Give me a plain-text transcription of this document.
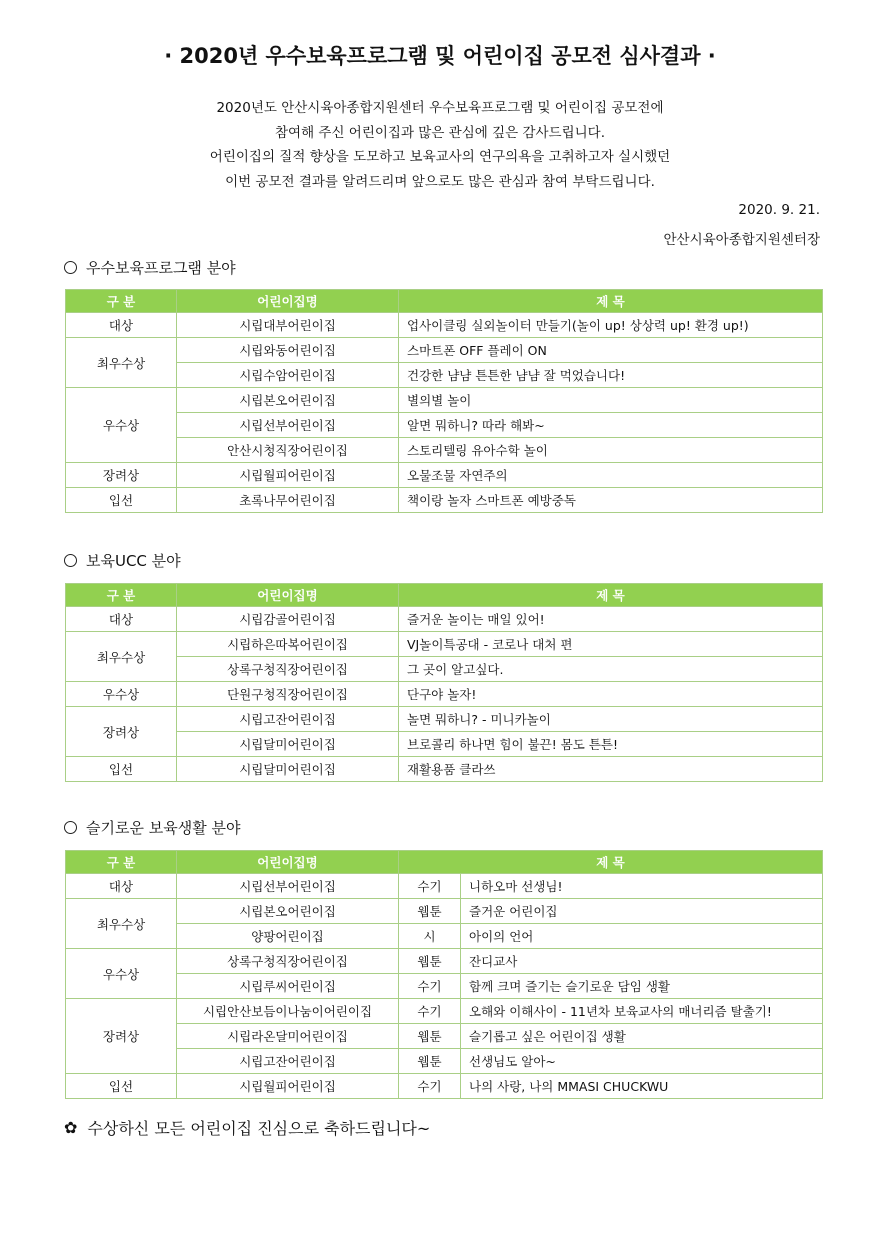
· 2020년 우수보육프로그램 및 어린이집 공모전 심사결과 ·
2020년도 안산시육아종합지원센터 우수보육프로그램 및 어린이집 공모전에
참여해 주신 어린이집과 많은 관심에 깊은 감사드립니다.
어린이집의 질적 향상을 도모하고 보육교사의 연구의욕을 고취하고자 실시했던
이번 공모전 결과를 알려드리며 앞으로도 많은 관심과 참여 부탁드립니다.
2020. 9. 21.
안산시육아종합지원센터장
우수보육프로그램 분야
구 분	어린이집명	제 목
대상	시립대부어린이집	업사이클링 실외놀이터 만들기(놀이 up! 상상력 up! 환경 up!)
최우수상	시립와동어린이집	스마트폰 OFF 플레이 ON
	시립수암어린이집	건강한 냠냠 튼튼한 냠냠 잘 먹었습니다!
우수상	시립본오어린이집	별의별 놀이
	시립선부어린이집	알면 뭐하니? 따라 해봐~
	안산시청직장어린이집	스토리텔링 유아수학 놀이
장려상	시립월피어린이집	오물조물 자연주의
입선	초록나무어린이집	책이랑 놀자 스마트폰 예방중독
보육UCC 분야
구 분	어린이집명	제 목
대상	시립감골어린이집	즐거운 놀이는 매일 있어!
최우수상	시립하은따복어린이집	VJ놀이특공대 - 코로나 대처 편
	상록구청직장어린이집	그 곳이 알고싶다.
우수상	단원구청직장어린이집	단구야 놀자!
장려상	시립고잔어린이집	놀면 뭐하니? - 미니카놀이
	시립달미어린이집	브로콜리 하나면 힘이 불끈! 몸도 튼튼!
입선	시립달미어린이집	재활용품 클라쓰
슬기로운 보육생활 분야
구 분	어린이집명	제 목	
대상	시립선부어린이집	수기	니하오마 선생님!
최우수상	시립본오어린이집	웹툰	즐거운 어린이집
	양팡어린이집	시	아이의 언어
우수상	상록구청직장어린이집	웹툰	잔디교사
	시립루씨어린이집	수기	함께 크며 즐기는 슬기로운 담임 생활
장려상	시립안산보듬이나눔이어린이집	수기	오해와 이해사이 - 11년차 보육교사의 매너리즘 탈출기!
	시립라온달미어린이집	웹툰	슬기롭고 싶은 어린이집 생활
	시립고잔어린이집	웹툰	선생님도 알아~
입선	시립월피어린이집	수기	나의 사랑, 나의 MMASI CHUCKWU
✿ 수상하신 모든 어린이집 진심으로 축하드립니다~
